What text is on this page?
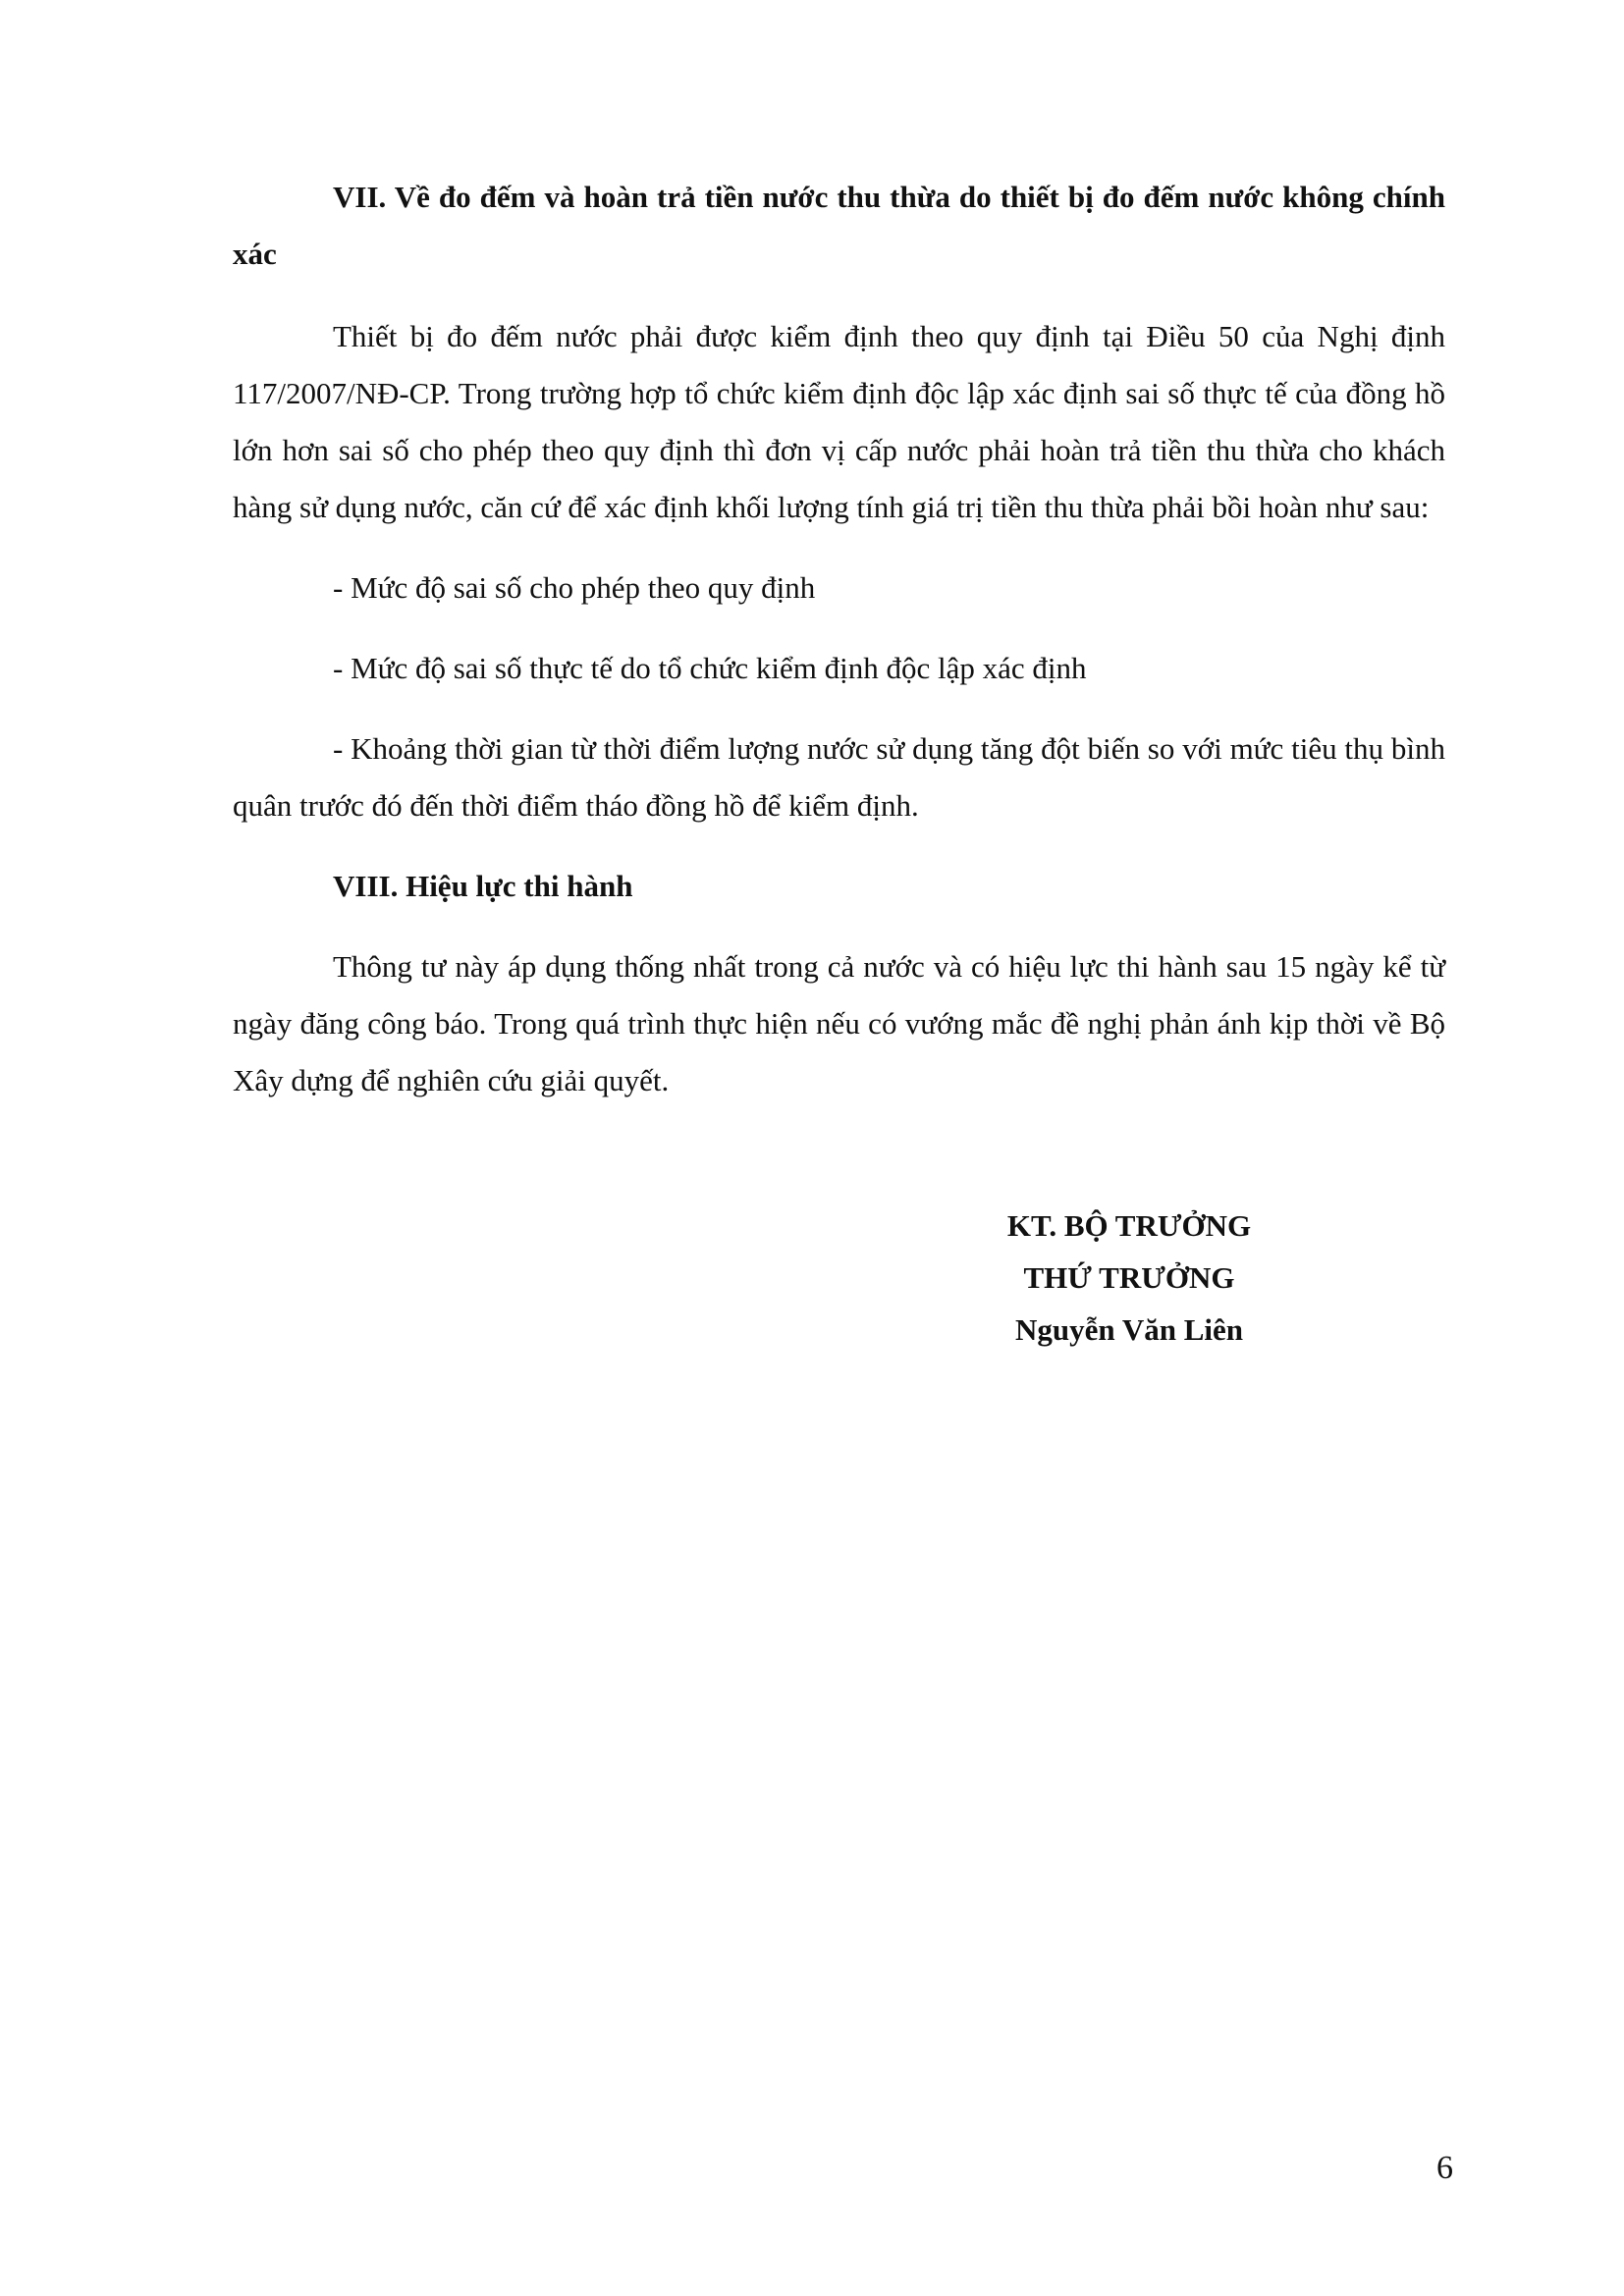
VII. Về đo đếm và hoàn trả tiền nước thu thừa do thiết bị đo đếm nước không chính xác

Thiết bị đo đếm nước phải được kiểm định theo quy định tại Điều 50 của Nghị định 117/2007/NĐ-CP. Trong trường hợp tổ chức kiểm định độc lập xác định sai số thực tế của đồng hồ lớn hơn sai số cho phép theo quy định thì đơn vị cấp nước phải hoàn trả tiền thu thừa cho khách hàng sử dụng nước, căn cứ để xác định khối lượng tính giá trị tiền thu thừa phải bồi hoàn như sau:

- Mức độ sai số cho phép theo quy định

- Mức độ sai số thực tế do tổ chức kiểm định độc lập xác định

- Khoảng thời gian từ thời điểm lượng nước sử dụng tăng đột biến so với mức tiêu thụ bình quân trước đó đến thời điểm tháo đồng hồ để kiểm định.

VIII. Hiệu lực thi hành

Thông tư này áp dụng thống nhất trong cả nước và có hiệu lực thi hành sau 15 ngày kể từ ngày đăng công báo. Trong quá trình thực hiện nếu có vướng mắc đề nghị phản ánh kịp thời về Bộ Xây dựng để nghiên cứu giải quyết.

KT. BỘ TRƯỞNG
THỨ TRƯỞNG
Nguyễn Văn Liên
6
